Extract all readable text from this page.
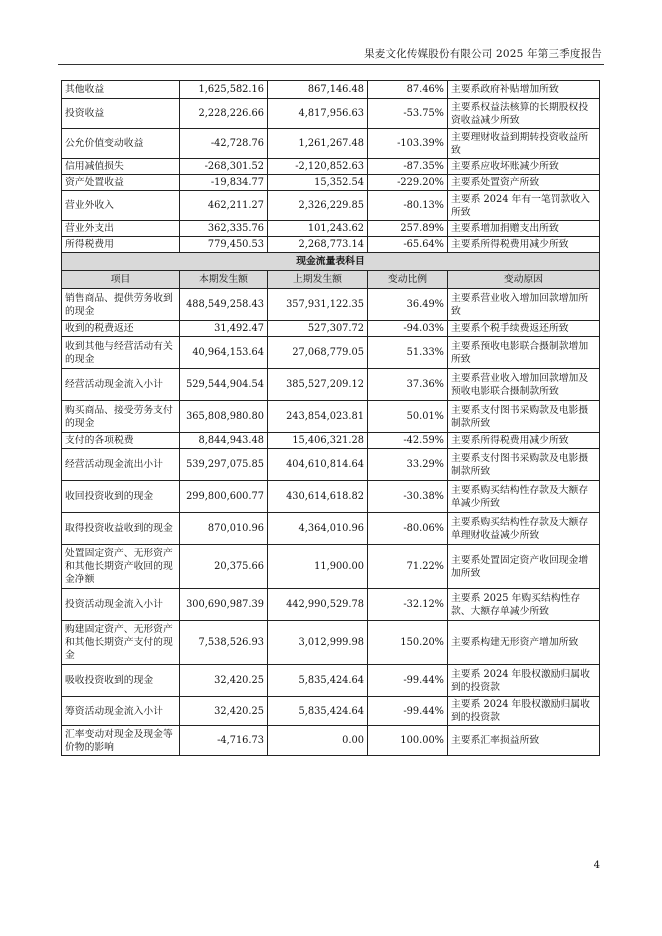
果麦文化传媒股份有限公司 2025 年第三季度报告
其他收益	1,625,582.16	867,146.48	87.46%	主要系政府补贴增加所致
投资收益	2,228,226.66	4,817,956.63	-53.75%	主要系权益法核算的长期股权投资收益减少所致
公允价值变动收益	-42,728.76	1,261,267.48	-103.39%	主要理财收益到期转投资收益所致
信用减值损失	-268,301.52	-2,120,852.63	-87.35%	主要系应收坏账减少所致
资产处置收益	-19,834.77	15,352.54	-229.20%	主要系处置资产所致
营业外收入	462,211.27	2,326,229.85	-80.13%	主要系 2024 年有一笔罚款收入所致
营业外支出	362,335.76	101,243.62	257.89%	主要系增加捐赠支出所致
所得税费用	779,450.53	2,268,773.14	-65.64%	主要系所得税费用减少所致
现金流量表科目				
项目	本期发生额	上期发生额	变动比例	变动原因
销售商品、提供劳务收到的现金	488,549,258.43	357,931,122.35	36.49%	主要系营业收入增加回款增加所致
收到的税费返还	31,492.47	527,307.72	-94.03%	主要系个税手续费返还所致
收到其他与经营活动有关的现金	40,964,153.64	27,068,779.05	51.33%	主要系预收电影联合摄制款增加所致
经营活动现金流入小计	529,544,904.54	385,527,209.12	37.36%	主要系营业收入增加回款增加及预收电影联合摄制款所致
购买商品、接受劳务支付的现金	365,808,980.80	243,854,023.81	50.01%	主要系支付图书采购款及电影摄制款所致
支付的各项税费	8,844,943.48	15,406,321.28	-42.59%	主要系所得税费用减少所致
经营活动现金流出小计	539,297,075.85	404,610,814.64	33.29%	主要系支付图书采购款及电影摄制款所致
收回投资收到的现金	299,800,600.77	430,614,618.82	-30.38%	主要系购买结构性存款及大额存单减少所致
取得投资收益收到的现金	870,010.96	4,364,010.96	-80.06%	主要系购买结构性存款及大额存单理财收益减少所致
处置固定资产、无形资产和其他长期资产收回的现金净额	20,375.66	11,900.00	71.22%	主要系处置固定资产收回现金增加所致
投资活动现金流入小计	300,690,987.39	442,990,529.78	-32.12%	主要系 2025 年购买结构性存款、大额存单减少所致
购建固定资产、无形资产和其他长期资产支付的现金	7,538,526.93	3,012,999.98	150.20%	主要系构建无形资产增加所致
吸收投资收到的现金	32,420.25	5,835,424.64	-99.44%	主要系 2024 年股权激励归属收到的投资款
筹资活动现金流入小计	32,420.25	5,835,424.64	-99.44%	主要系 2024 年股权激励归属收到的投资款
汇率变动对现金及现金等价物的影响	-4,716.73	0.00	100.00%	主要系汇率损益所致
4
